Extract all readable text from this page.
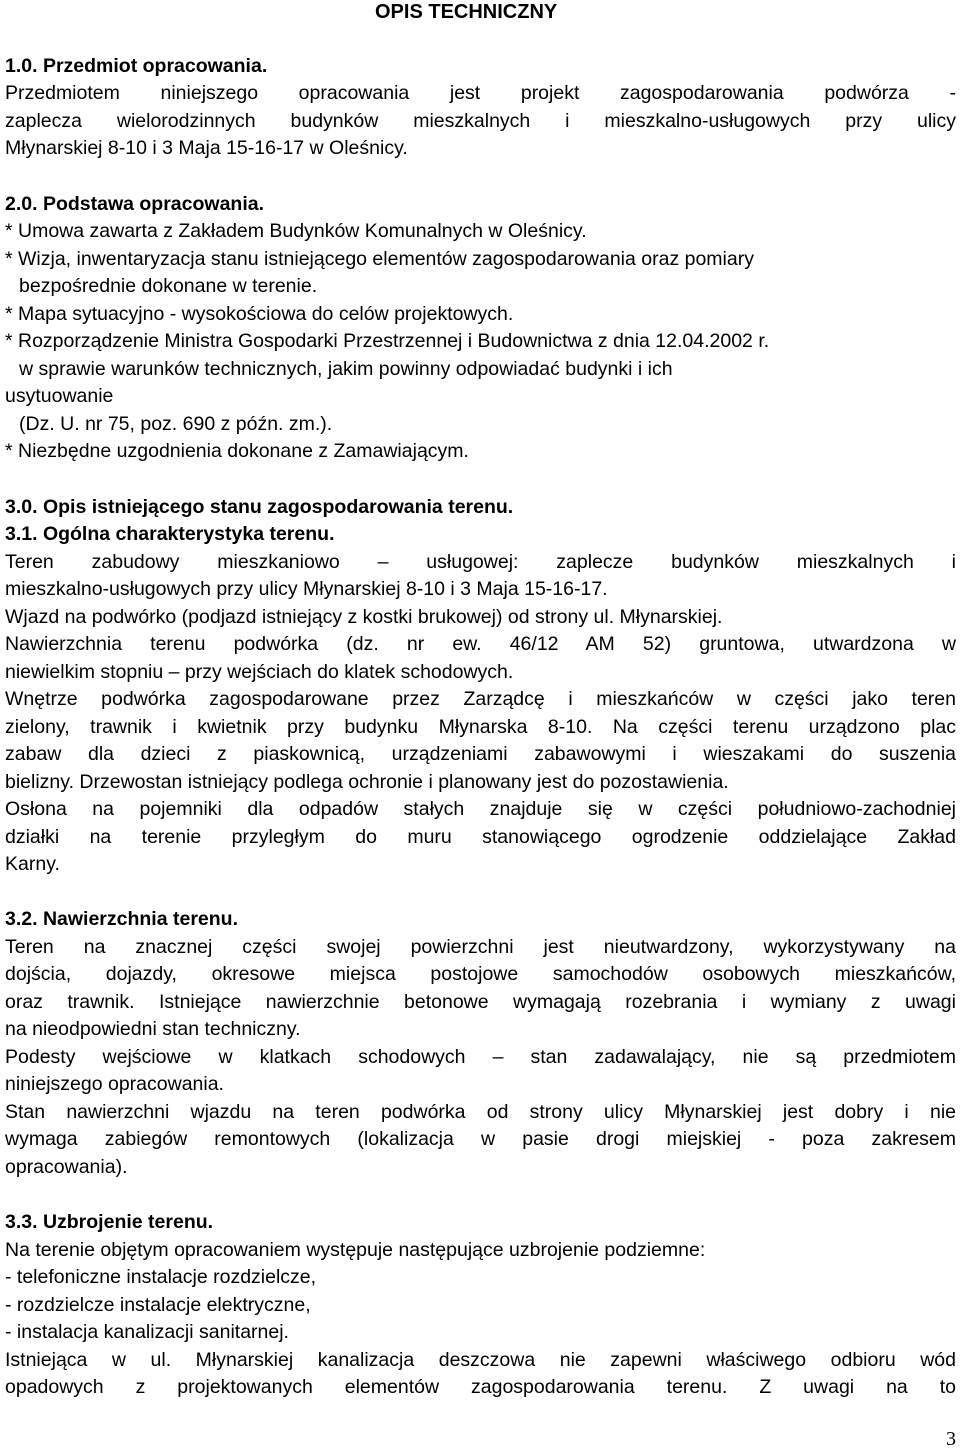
OPIS TECHNICZNY
1.0. Przedmiot opracowania.
Przedmiotem niniejszego opracowania jest projekt zagospodarowania podwórza -
zaplecza wielorodzinnych budynków mieszkalnych i mieszkalno-usługowych przy ulicy
Młynarskiej 8-10 i 3 Maja 15-16-17 w Oleśnicy.
2.0. Podstawa opracowania.
* Umowa zawarta z Zakładem Budynków Komunalnych w Oleśnicy.
* Wizja, inwentaryzacja stanu istniejącego elementów zagospodarowania oraz pomiary
bezpośrednie dokonane w terenie.
* Mapa sytuacyjno - wysokościowa do celów projektowych.
* Rozporządzenie Ministra Gospodarki Przestrzennej i Budownictwa z dnia 12.04.2002 r.
w sprawie warunków technicznych, jakim powinny odpowiadać budynki i ich
usytuowanie
(Dz. U. nr 75, poz. 690 z późn. zm.).
* Niezbędne uzgodnienia dokonane z Zamawiającym.
3.0. Opis istniejącego stanu zagospodarowania terenu.
3.1. Ogólna charakterystyka terenu.
Teren zabudowy mieszkaniowo – usługowej: zaplecze budynków mieszkalnych i
mieszkalno-usługowych przy ulicy Młynarskiej 8-10 i 3 Maja 15-16-17.
Wjazd na podwórko (podjazd istniejący z kostki brukowej) od strony ul. Młynarskiej.
Nawierzchnia terenu podwórka (dz. nr ew. 46/12 AM 52) gruntowa, utwardzona w
niewielkim stopniu – przy wejściach do klatek schodowych.
Wnętrze podwórka zagospodarowane przez Zarządcę i mieszkańców w części jako teren
zielony, trawnik i kwietnik przy budynku Młynarska 8-10. Na części terenu urządzono plac
zabaw dla dzieci z piaskownicą, urządzeniami zabawowymi i wieszakami do suszenia
bielizny. Drzewostan istniejący podlega ochronie i planowany jest do pozostawienia.
Osłona na pojemniki dla odpadów stałych znajduje się w części południowo-zachodniej
działki na terenie przyległym do muru stanowiącego ogrodzenie oddzielające Zakład
Karny.
3.2. Nawierzchnia terenu.
Teren na znacznej części swojej powierzchni jest nieutwardzony, wykorzystywany na
dojścia, dojazdy, okresowe miejsca postojowe samochodów osobowych mieszkańców,
oraz trawnik. Istniejące nawierzchnie betonowe wymagają rozebrania i wymiany z uwagi
na nieodpowiedni stan techniczny.
Podesty wejściowe w klatkach schodowych – stan zadawalający, nie są przedmiotem
niniejszego opracowania.
Stan nawierzchni wjazdu na teren podwórka od strony ulicy Młynarskiej jest dobry i nie
wymaga zabiegów remontowych (lokalizacja w pasie drogi miejskiej - poza zakresem
opracowania).
3.3. Uzbrojenie terenu.
Na terenie objętym opracowaniem występuje następujące uzbrojenie podziemne:
- telefoniczne instalacje rozdzielcze,
- rozdzielcze instalacje elektryczne,
- instalacja kanalizacji sanitarnej.
Istniejąca w ul. Młynarskiej kanalizacja deszczowa nie zapewni właściwego odbioru wód
opadowych z projektowanych elementów zagospodarowania terenu. Z uwagi na to
3
